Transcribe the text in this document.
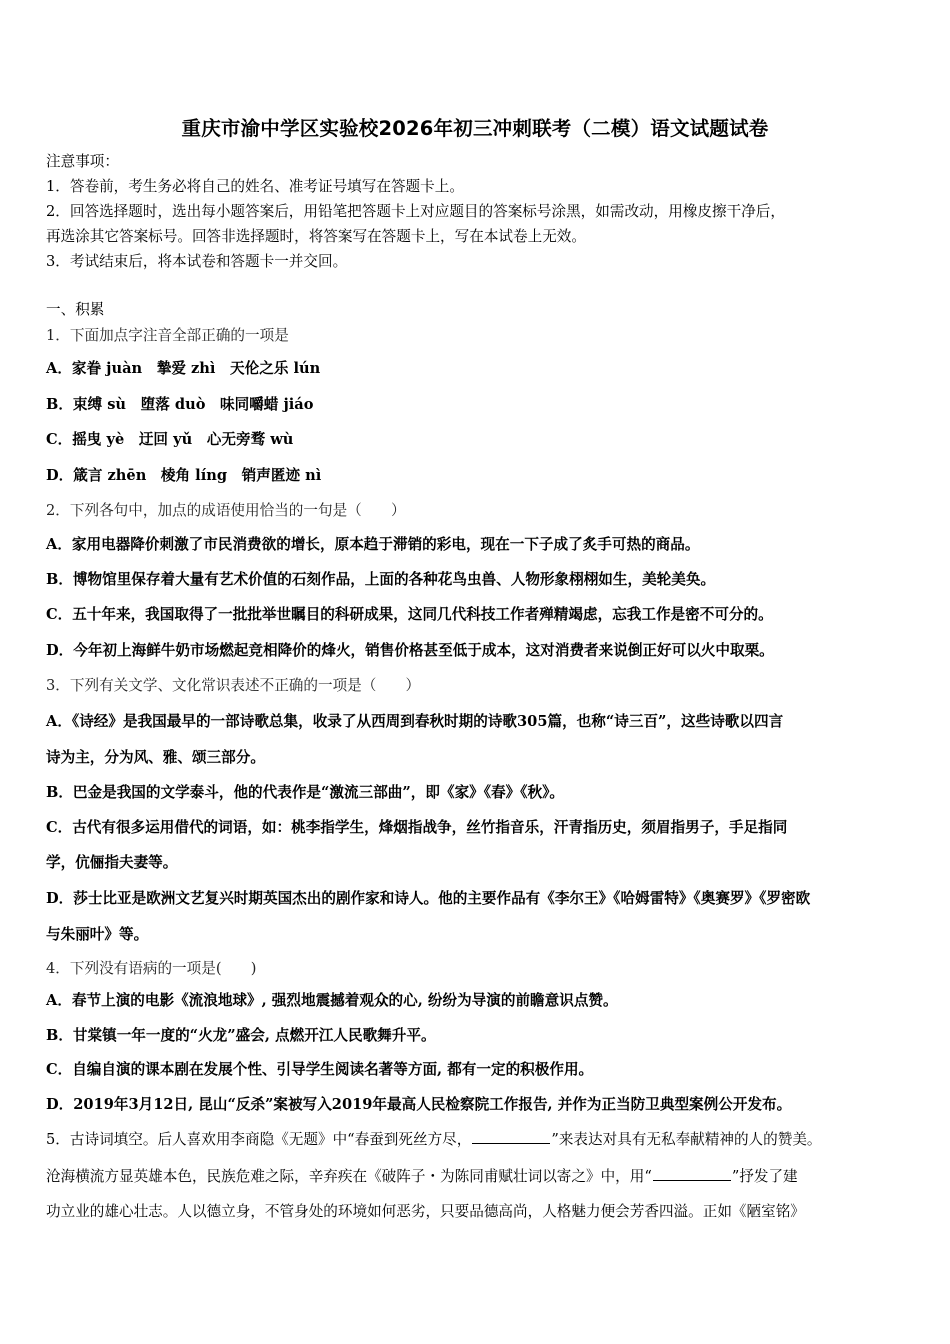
重庆市渝中学区实验校2026年初三冲刺联考（二模）语文试题试卷
注意事项：
1．答卷前，考生务必将自己的姓名、准考证号填写在答题卡上。
2．回答选择题时，选出每小题答案后，用铅笔把答题卡上对应题目的答案标号涂黑，如需改动，用橡皮擦干净后，
再选涂其它答案标号。回答非选择题时，将答案写在答题卡上，写在本试卷上无效。
3．考试结束后，将本试卷和答题卡一并交回。
一、积累
1．下面加点字注音全部正确的一项是
A．家眷 juàn　摯爱 zhì　天伦之乐 lún
B．束缚 sù　堕落 duò　味同嚼蜡 jiáo
C．摇曳 yè　迂回 yǔ　心无旁骛 wù
D．箴言 zhēn　棱角 líng　销声匿迹 nì
2．下列各句中，加点的成语使用恰当的一句是（　　）
A．家用电器降价刺激了市民消费欲的增长，原本趋于滞销的彩电，现在一下子成了炙手可热的商品。
B．博物馆里保存着大量有艺术价值的石刻作品，上面的各种花鸟虫兽、人物形象栩栩如生，美轮美奂。
C．五十年来，我国取得了一批批举世瞩目的科研成果，这同几代科技工作者殚精竭虑，忘我工作是密不可分的。
D．今年初上海鲜牛奶市场燃起竞相降价的烽火，销售价格甚至低于成本，这对消费者来说倒正好可以火中取栗。
3．下列有关文学、文化常识表述不正确的一项是（　　）
A．《诗经》是我国最早的一部诗歌总集，收录了从西周到春秋时期的诗歌305篇，也称“诗三百”，这些诗歌以四言
诗为主，分为风、雅、颂三部分。
B．巴金是我国的文学泰斗，他的代表作是“激流三部曲”，即《家》《春》《秋》。
C．古代有很多运用借代的词语，如：桃李指学生，烽烟指战争，丝竹指音乐，汗青指历史，须眉指男子，手足指同
学，伉俪指夫妻等。
D．莎士比亚是欧洲文艺复兴时期英国杰出的剧作家和诗人。他的主要作品有《李尔王》《哈姆雷特》《奥赛罗》《罗密欧
与朱丽叶》等。
4．下列没有语病的一项是(　　)
A．春节上演的电影《流浪地球》, 强烈地震撼着观众的心, 纷纷为导演的前瞻意识点赞。
B．甘棠镇一年一度的“火龙”盛会, 点燃开江人民歌舞升平。
C．自编自演的课本剧在发展个性、引导学生阅读名著等方面, 都有一定的积极作用。
D．2019年3月12日, 昆山“反杀”案被写入2019年最高人民检察院工作报告, 并作为正当防卫典型案例公开发布。
5．古诗词填空。后人喜欢用李商隐《无题》中“春蚕到死丝方尽，	”来表达对具有无私奉献精神的人的赞美。
沧海横流方显英雄本色，民族危难之际，辛弃疾在《破阵子・为陈同甫赋壮词以寄之》中，用“	”抒发了建
功立业的雄心壮志。人以德立身，不管身处的环境如何恶劣，只要品德高尚，人格魅力便会芳香四溢。正如《陋室铭》
